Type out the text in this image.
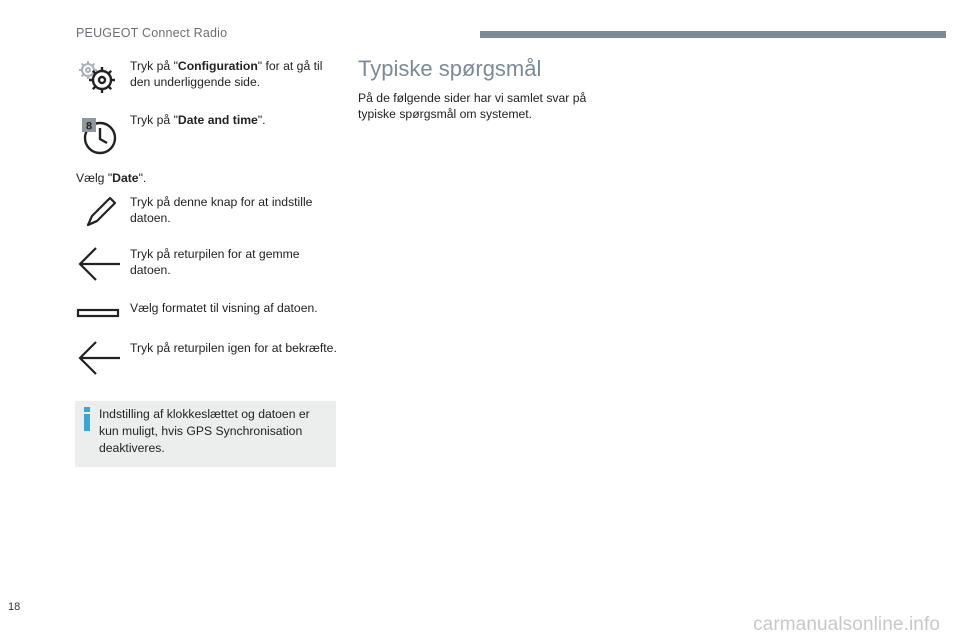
PEUGEOT Connect Radio
Tryk på "Configuration" for at gå til den underliggende side.
8	Tryk på "Date and time".
Vælg "Date".
Tryk på denne knap for at indstille datoen.
Tryk på returpilen for at gemme datoen.
Vælg formatet til visning af datoen.
Tryk på returpilen igen for at bekræfte.
Indstilling af klokkeslættet og datoen er kun muligt, hvis GPS Synchronisation deaktiveres.
Typiske spørgsmål
På de følgende sider har vi samlet svar på typiske spørgsmål om systemet.
18
carmanualsonline.info
